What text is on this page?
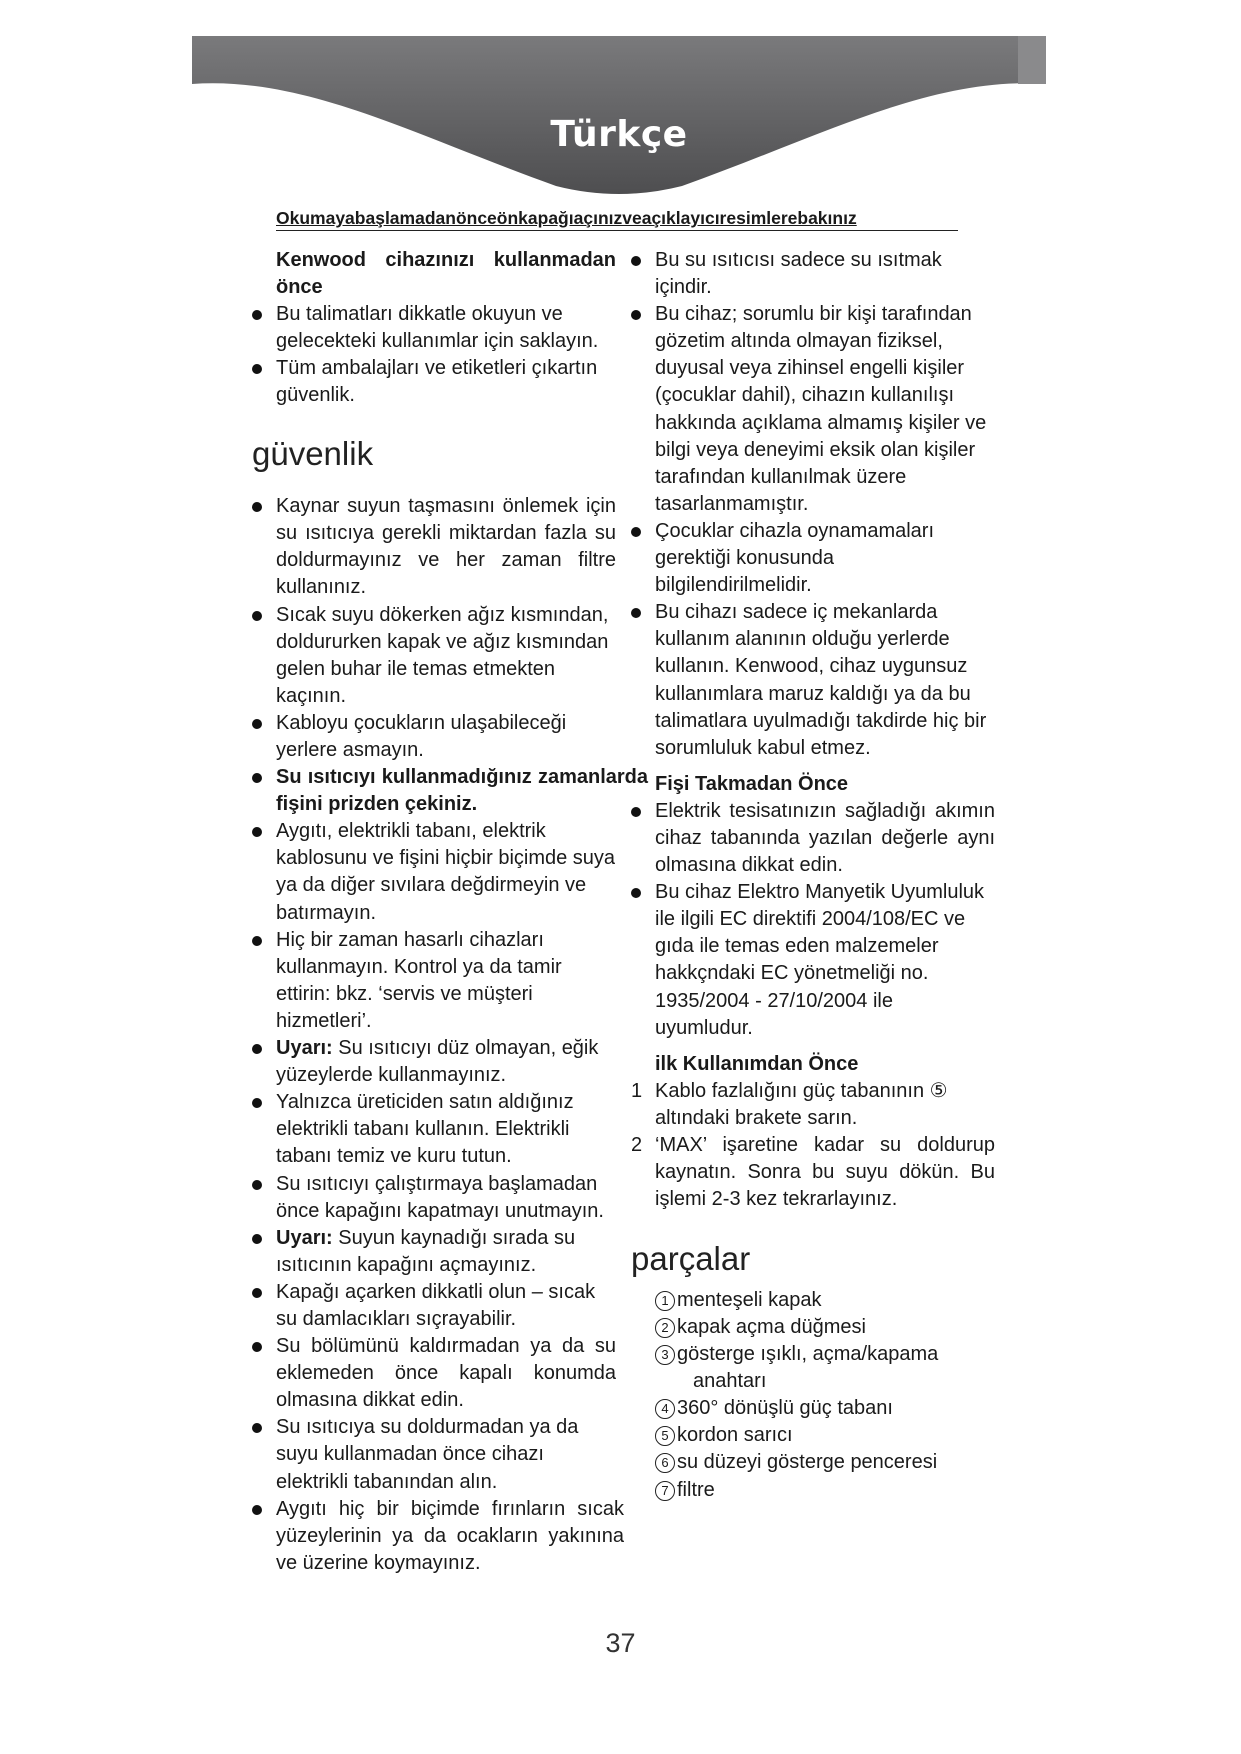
Türkçe
Okumayabaşlamadanönceönkapağıaçınızveaçıklayıcıresimlerebakınız

Kenwood cihazınızı kullanmadan önce

Bu talimatları dikkatle okuyun ve gelecekteki kullanımlar için saklayın.

Tüm ambalajları ve etiketleri çıkartın güvenlik.

güvenlik

Kaynar suyun taşmasını önlemek için su ısıtıcıya gerekli miktardan fazla su doldurmayınız ve her zaman filtre kullanınız.

Sıcak suyu dökerken ağız kısmından, doldururken kapak ve ağız kısmından gelen buhar ile temas etmekten kaçının.

Kabloyu çocukların ulaşabileceği yerlere asmayın.

Su ısıtıcıyı kullanmadığınız zamanlarda fişini prizden çekiniz.

Aygıtı, elektrikli tabanı, elektrik kablosunu ve fişini hiçbir biçimde suya ya da diğer sıvılara değdirmeyin ve batırmayın.

Hiç bir zaman hasarlı cihazları kullanmayın. Kontrol ya da tamir ettirin: bkz. ‘servis ve müşteri hizmetleri’.

Uyarı: Su ısıtıcıyı düz olmayan, eğik yüzeylerde kullanmayınız.

Yalnızca üreticiden satın aldığınız elektrikli tabanı kullanın. Elektrikli tabanı temiz ve kuru tutun.

Su ısıtıcıyı çalıştırmaya başlamadan önce kapağını kapatmayı unutmayın.

Uyarı: Suyun kaynadığı sırada su ısıtıcının kapağını açmayınız.

Kapağı açarken dikkatli olun – sıcak su damlacıkları sıçrayabilir.

Su bölümünü kaldırmadan ya da su eklemeden önce kapalı konumda olmasına dikkat edin.

Su ısıtıcıya su doldurmadan ya da suyu kullanmadan önce cihazı elektrikli tabanından alın.

Aygıtı hiç bir biçimde fırınların sıcak yüzeylerinin ya da ocakların yakınına ve üzerine koymayınız.

Bu su ısıtıcısı sadece su ısıtmak içindir.

Bu cihaz; sorumlu bir kişi tarafından gözetim altında olmayan fiziksel, duyusal veya zihinsel engelli kişiler (çocuklar dahil), cihazın kullanılışı hakkında açıklama almamış kişiler ve bilgi veya deneyimi eksik olan kişiler tarafından kullanılmak üzere tasarlanmamıştır.

Çocuklar cihazla oynamamaları gerektiği konusunda bilgilendirilmelidir.

Bu cihazı sadece iç mekanlarda kullanım alanının olduğu yerlerde kullanın. Kenwood, cihaz uygunsuz kullanımlara maruz kaldığı ya da bu talimatlara uyulmadığı takdirde hiç bir sorumluluk kabul etmez.

Fişi Takmadan Önce

Elektrik tesisatınızın sağladığı akımın cihaz tabanında yazılan değerle aynı olmasına dikkat edin.

Bu cihaz Elektro Manyetik Uyumluluk ile ilgili EC direktifi 2004/108/EC ve gıda ile temas eden malzemeler hakkçndaki EC yönetmeliği no. 1935/2004 - 27/10/2004 ile uyumludur.

ilk Kullanımdan Önce

1 Kablo fazlalığını güç tabanının ⑤ altındaki brakete sarın.

2 ‘MAX’ işaretine kadar su doldurup kaynatın. Sonra bu suyu dökün. Bu işlemi 2-3 kez tekrarlayınız.

parçalar

1 menteşeli kapak

2 kapak açma düğmesi

3 gösterge ışıklı, açma/kapama
anahtarı

4 360° dönüşlü güç tabanı

5 kordon sarıcı

6 su düzeyi gösterge penceresi

7 filtre

37
